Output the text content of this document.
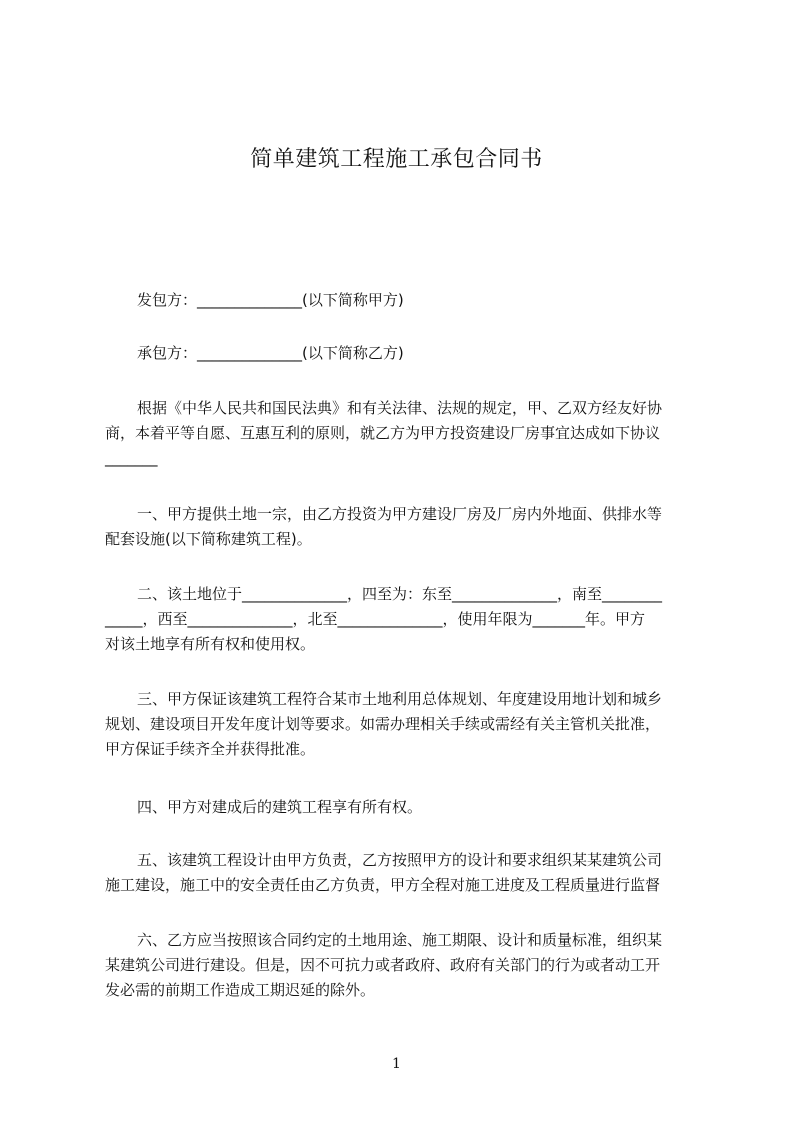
简单建筑工程施工承包合同书

发包方：______________(以下简称甲方)

承包方：______________(以下简称乙方)

根据《中华人民共和国民法典》和有关法律、法规的规定，甲、乙双方经友好协
商，本着平等自愿、互惠互利的原则，就乙方为甲方投资建设厂房事宜达成如下协议
_______

一、甲方提供土地一宗，由乙方投资为甲方建设厂房及厂房内外地面、供排水等
配套设施(以下简称建筑工程)。

二、该土地位于______________，四至为：东至______________，南至________
_____，西至______________，北至______________，使用年限为_______年。甲方
对该土地享有所有权和使用权。

三、甲方保证该建筑工程符合某市土地利用总体规划、年度建设用地计划和城乡
规划、建设项目开发年度计划等要求。如需办理相关手续或需经有关主管机关批准，
甲方保证手续齐全并获得批准。

四、甲方对建成后的建筑工程享有所有权。

五、该建筑工程设计由甲方负责，乙方按照甲方的设计和要求组织某某建筑公司
施工建设，施工中的安全责任由乙方负责，甲方全程对施工进度及工程质量进行监督

六、乙方应当按照该合同约定的土地用途、施工期限、设计和质量标准，组织某
某建筑公司进行建设。但是，因不可抗力或者政府、政府有关部门的行为或者动工开
发必需的前期工作造成工期迟延的除外。

1
